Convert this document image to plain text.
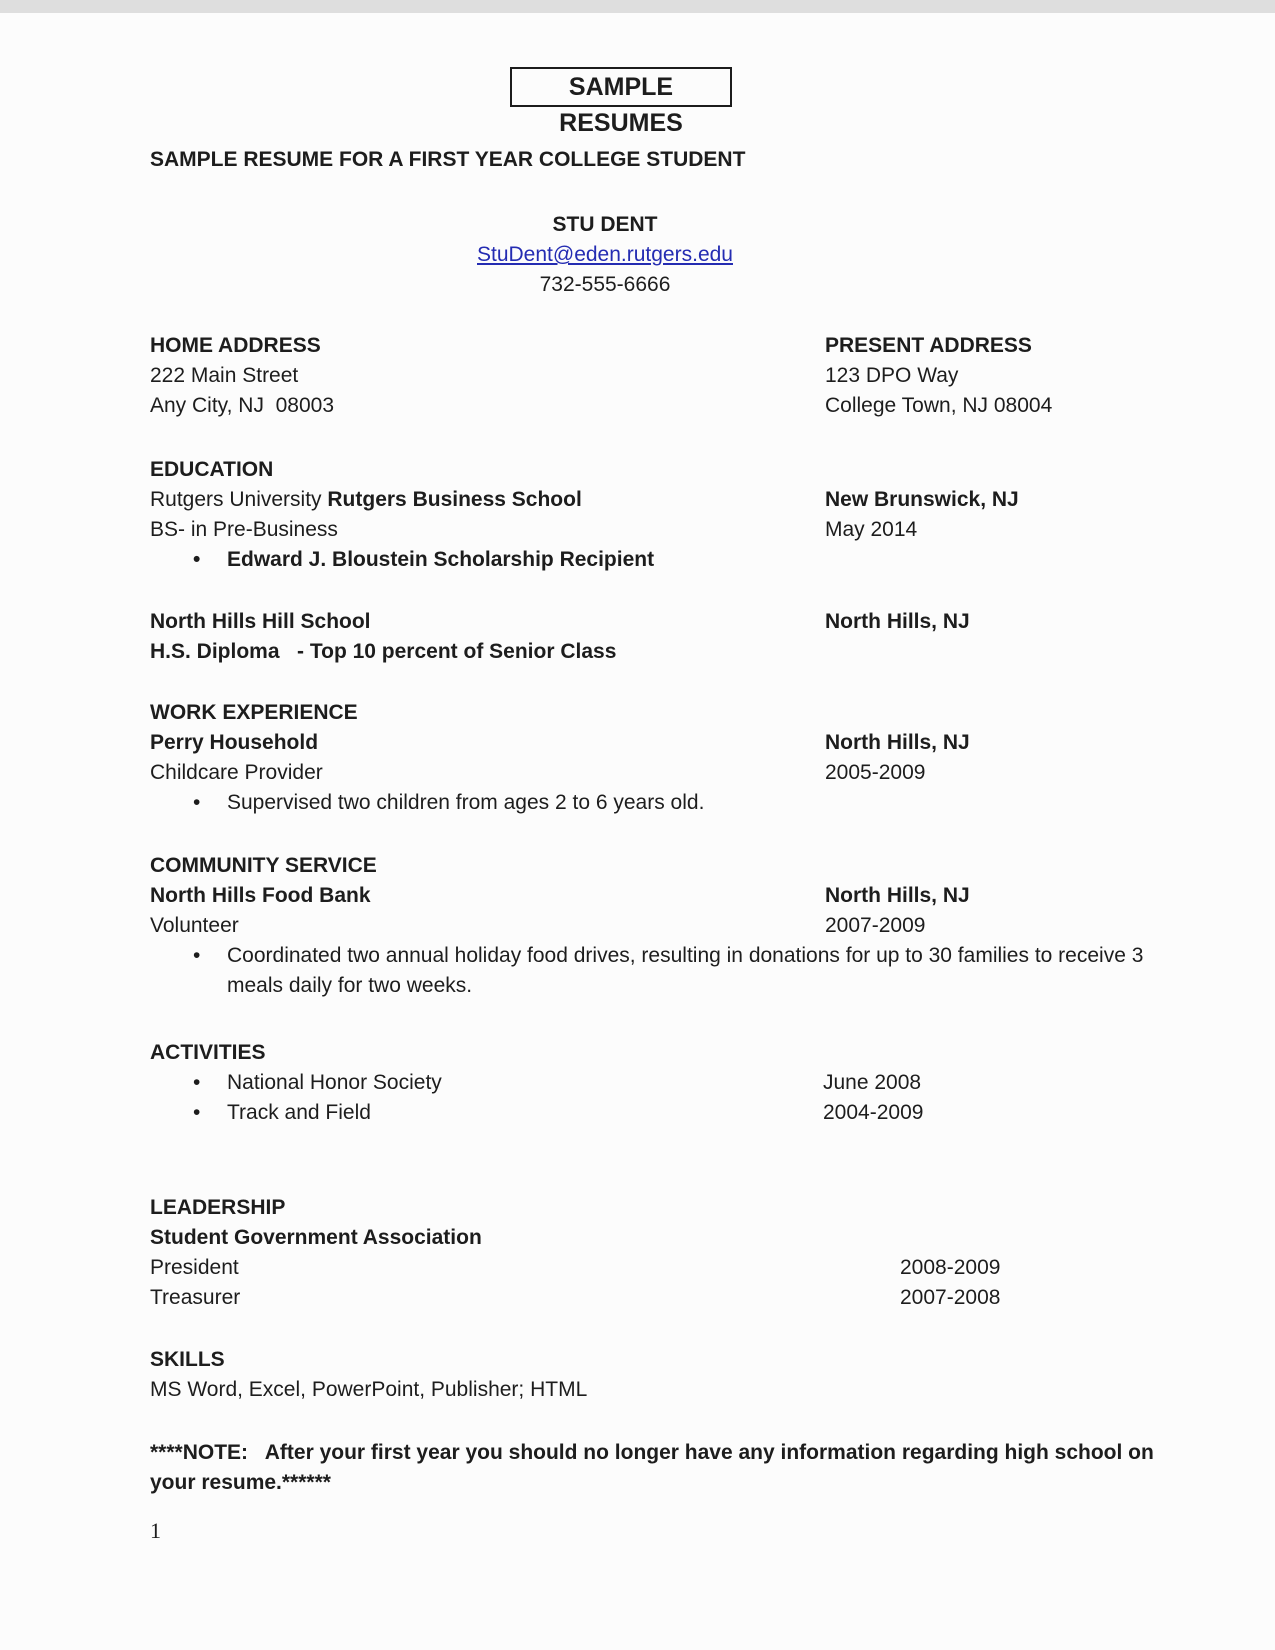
SAMPLE RESUMES
SAMPLE RESUME FOR A FIRST YEAR COLLEGE STUDENT
STU DENT
StuDent@eden.rutgers.edu
732-555-6666
HOME ADDRESS	PRESENT ADDRESS
222 Main Street	123 DPO Way
Any City, NJ  08003	College Town, NJ 08004
EDUCATION
Rutgers University Rutgers Business School	New Brunswick, NJ
BS- in Pre-Business	May 2014
• Edward J. Bloustein Scholarship Recipient
North Hills Hill School	North Hills, NJ
H.S. Diploma   - Top 10 percent of Senior Class
WORK EXPERIENCE
Perry Household	North Hills, NJ
Childcare Provider	2005-2009
• Supervised two children from ages 2 to 6 years old.
COMMUNITY SERVICE
North Hills Food Bank	North Hills, NJ
Volunteer	2007-2009
• Coordinated two annual holiday food drives, resulting in donations for up to 30 families to receive 3 meals daily for two weeks.
ACTIVITIES
• National Honor Society	June 2008
• Track and Field	2004-2009
LEADERSHIP
Student Government Association
President	2008-2009
Treasurer	2007-2008
SKILLS
MS Word, Excel, PowerPoint, Publisher; HTML
****NOTE:   After your first year you should no longer have any information regarding high school on your resume.******
1
